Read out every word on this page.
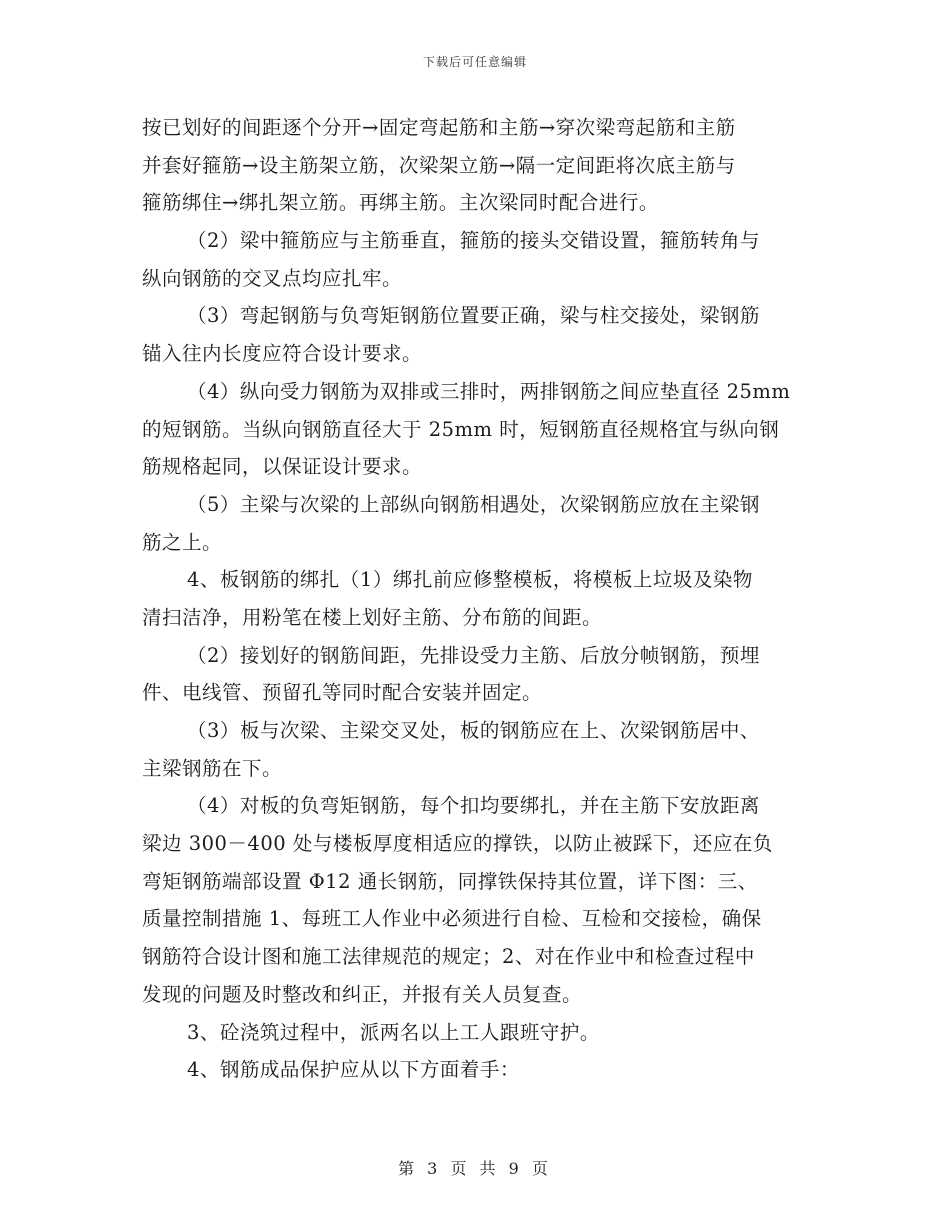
下载后可任意编辑
按已划好的间距逐个分开→固定弯起筋和主筋→穿次梁弯起筋和主筋
并套好箍筋→设主筋架立筋，次梁架立筋→隔一定间距将次底主筋与
箍筋绑住→绑扎架立筋。再绑主筋。主次梁同时配合进行。
（2）梁中箍筋应与主筋垂直，箍筋的接头交错设置，箍筋转角与
纵向钢筋的交叉点均应扎牢。
（3）弯起钢筋与负弯矩钢筋位置要正确，梁与柱交接处，梁钢筋
锚入往内长度应符合设计要求。
（4）纵向受力钢筋为双排或三排时，两排钢筋之间应垫直径 25mm
的短钢筋。当纵向钢筋直径大于 25mm 时，短钢筋直径规格宜与纵向钢
筋规格起同，以保证设计要求。
（5）主梁与次梁的上部纵向钢筋相遇处，次梁钢筋应放在主梁钢
筋之上。
4、板钢筋的绑扎（1）绑扎前应修整模板，将模板上垃圾及染物
清扫洁净，用粉笔在楼上划好主筋、分布筋的间距。
（2）接划好的钢筋间距，先排设受力主筋、后放分帧钢筋，预埋
件、电线管、预留孔等同时配合安装并固定。
（3）板与次梁、主梁交叉处，板的钢筋应在上、次梁钢筋居中、
主梁钢筋在下。
（4）对板的负弯矩钢筋，每个扣均要绑扎，并在主筋下安放距离
梁边 300－400 处与楼板厚度相适应的撑铁，以防止被踩下，还应在负
弯矩钢筋端部设置 Φ12 通长钢筋，同撑铁保持其位置，详下图：三、
质量控制措施 1、每班工人作业中必须进行自检、互检和交接检，确保
钢筋符合设计图和施工法律规范的规定；2、对在作业中和检查过程中
发现的问题及时整改和纠正，并报有关人员复查。
3、砼浇筑过程中，派两名以上工人跟班守护。
4、钢筋成品保护应从以下方面着手：
第 3 页 共 9 页
